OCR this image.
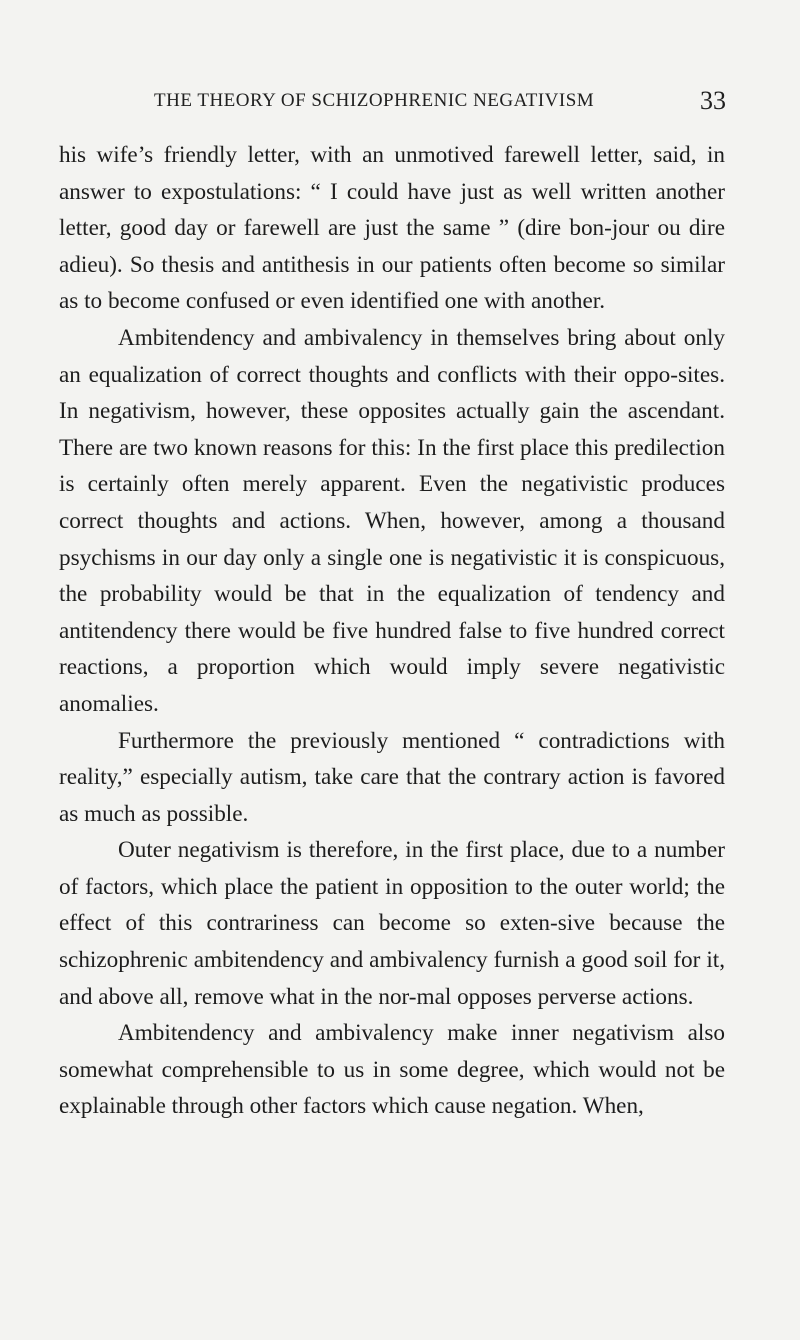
THE THEORY OF SCHIZOPHRENIC NEGATIVISM	33

his wife’s friendly letter, with an unmotived farewell letter, said, in answer to expostulations: “ I could have just as well written another letter, good day or farewell are just the same ” (dire bon-jour ou dire adieu). So thesis and antithesis in our patients often become so similar as to become confused or even identified one with another.

Ambitendency and ambivalency in themselves bring about only an equalization of correct thoughts and conflicts with their oppo-sites. In negativism, however, these opposites actually gain the ascendant. There are two known reasons for this: In the first place this predilection is certainly often merely apparent. Even the negativistic produces correct thoughts and actions. When, however, among a thousand psychisms in our day only a single one is negativistic it is conspicuous, the probability would be that in the equalization of tendency and antitendency there would be five hundred false to five hundred correct reactions, a proportion which would imply severe negativistic anomalies.

Furthermore the previously mentioned “ contradictions with reality,” especially autism, take care that the contrary action is favored as much as possible.

Outer negativism is therefore, in the first place, due to a number of factors, which place the patient in opposition to the outer world; the effect of this contrariness can become so exten-sive because the schizophrenic ambitendency and ambivalency furnish a good soil for it, and above all, remove what in the nor-mal opposes perverse actions.

Ambitendency and ambivalency make inner negativism also somewhat comprehensible to us in some degree, which would not be explainable through other factors which cause negation. When,
